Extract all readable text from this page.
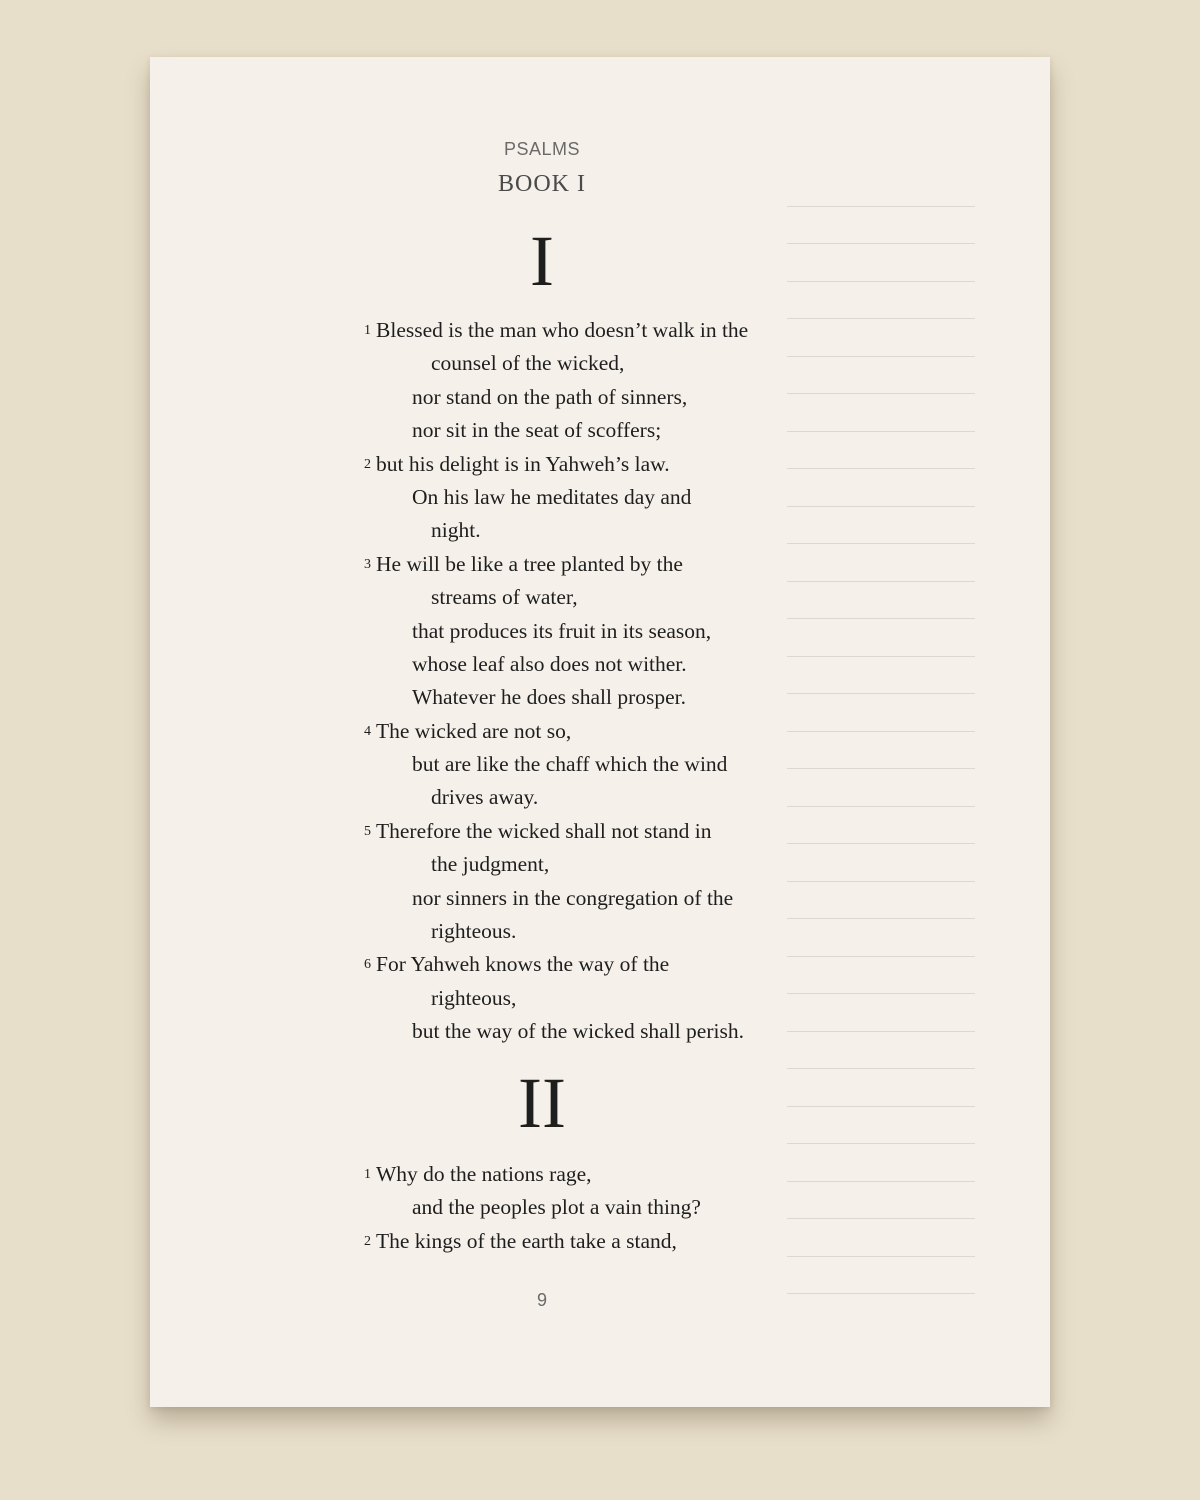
PSALMS
BOOK I
I
1 Blessed is the man who doesn’t walk in the
counsel of the wicked,
nor stand on the path of sinners,
nor sit in the seat of scoffers;
2 but his delight is in Yahweh’s law.
On his law he meditates day and
night.
3 He will be like a tree planted by the
streams of water,
that produces its fruit in its season,
whose leaf also does not wither.
Whatever he does shall prosper.
4 The wicked are not so,
but are like the chaff which the wind
drives away.
5 Therefore the wicked shall not stand in
the judgment,
nor sinners in the congregation of the
righteous.
6 For Yahweh knows the way of the
righteous,
but the way of the wicked shall perish.
II
1 Why do the nations rage,
and the peoples plot a vain thing?
2 The kings of the earth take a stand,
9
